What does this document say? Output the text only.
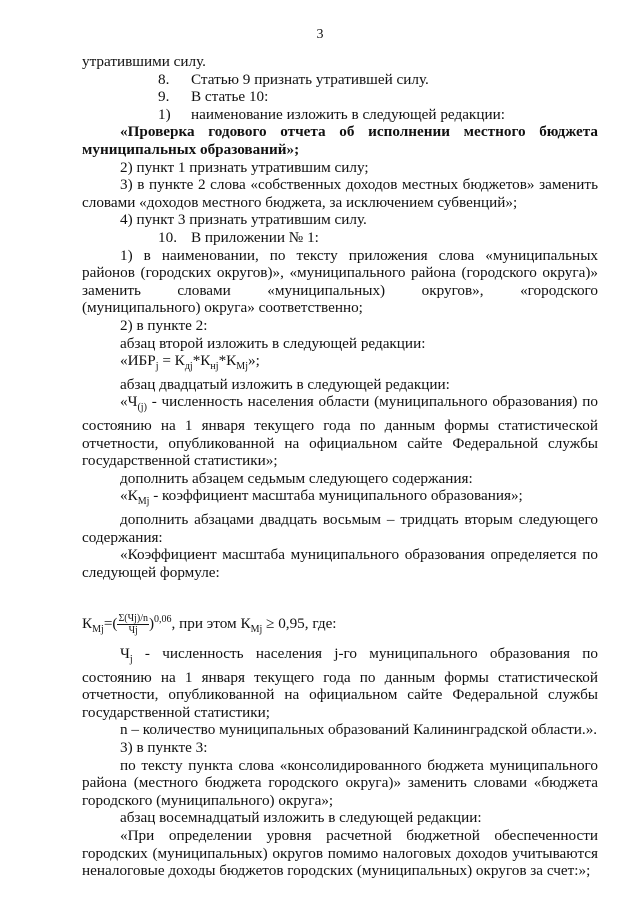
3

утратившими силу.

8. Статью 9 признать утратившей силу.

9. В статье 10:

1) наименование изложить в следующей редакции:

«Проверка годового отчета об исполнении местного бюджета

муниципальных образований»;

2) пункт 1 признать утратившим силу;

3) в пункте 2 слова «собственных доходов местных бюджетов» заменить

словами «доходов местного бюджета, за исключением субвенций»;

4) пункт 3 признать утратившим силу.

10. В приложении № 1:

1) в наименовании, по тексту приложения слова «муниципальных

районов (городских округов)», «муниципального района (городского округа)»

заменить словами «муниципальных) округов», «городского

(муниципального) округа» соответственно;

2) в пункте 2:

абзац второй изложить в следующей редакции:

«$ИБР_j = К_{дj}*К_{нj}*К_{Мj}$»;

абзац двадцатый изложить в следующей редакции:

«$Ч_{(j)}$ - численность населения области (муниципального образования) по

состоянию на 1 января текущего года по данным формы статистической

отчетности, опубликованной на официальном сайте Федеральной службы

государственной статистики»;

дополнить абзацем седьмым следующего содержания:

«$К_{Мj}$ - коэффициент масштаба муниципального образования»;

дополнить абзацами двадцать восьмым – тридцать вторым следующего

содержания:

«Коэффициент масштаба муниципального образования определяется по

следующей формуле:

$К_{Мj}=$( Σ(Чj)/n
Чj )$^{0,06}$, при этом $К_{Мj} \ge 0,95$, где:

$Ч_j$ - численность населения j-го муниципального образования по

состоянию на 1 января текущего года по данным формы статистической

отчетности, опубликованной на официальном сайте Федеральной службы

государственной статистики;

n – количество муниципальных образований Калининградской области.».

3) в пункте 3:

по тексту пункта слова «консолидированного бюджета муниципального

района (местного бюджета городского округа)» заменить словами «бюджета

городского (муниципального) округа»;

абзац восемнадцатый изложить в следующей редакции:

«При определении уровня расчетной бюджетной обеспеченности

городских (муниципальных) округов помимо налоговых доходов учитываются

неналоговые доходы бюджетов городских (муниципальных) округов за счет:»;
